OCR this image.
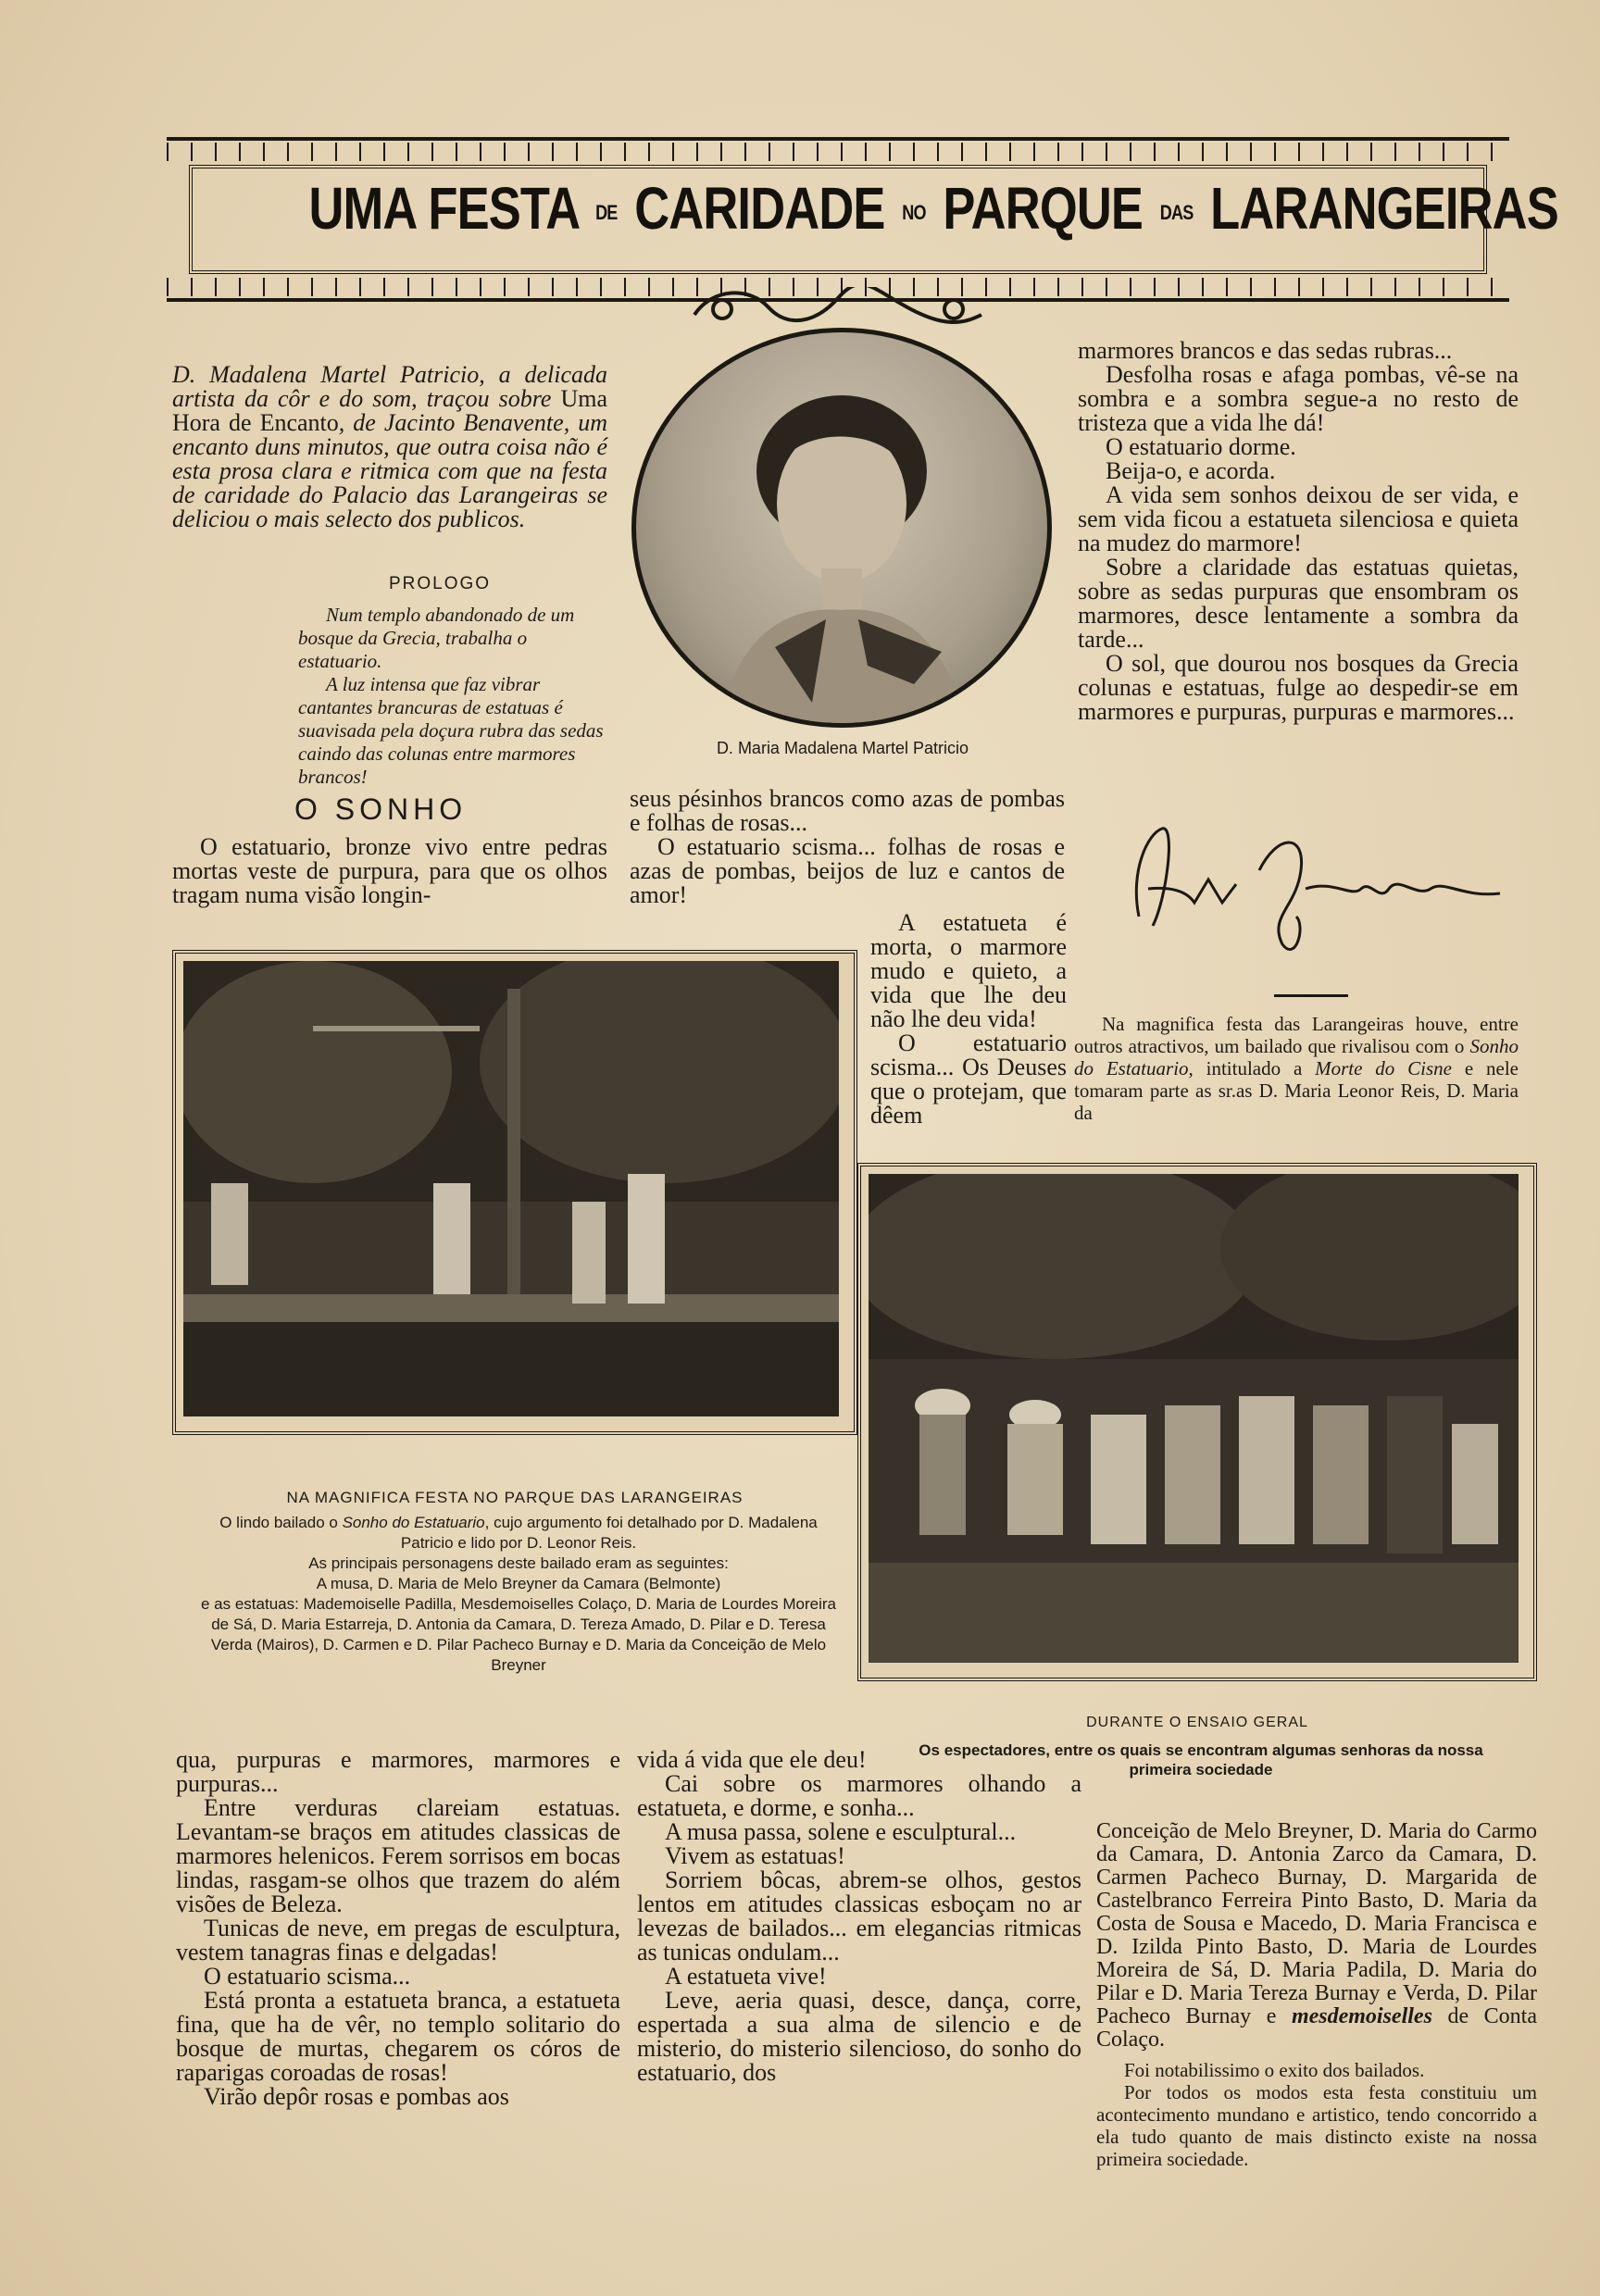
UMA FESTA DE CARIDADE NO PARQUE DAS LARANGEIRAS

D. Madalena Martel Patricio, a delicada artista da côr e do som, traçou sobre Uma Hora de Encanto, de Jacinto Benavente, um encanto duns minutos, que outra coisa não é esta prosa clara e ritmica com que na festa de caridade do Palacio das Larangeiras se deliciou o mais selecto dos publicos.

PROLOGO

Num templo abandonado de um bosque da Grecia, trabalha o estatuario.

A luz intensa que faz vibrar cantantes brancuras de estatuas é suavisada pela doçura rubra das sedas caindo das colunas entre marmores brancos!

O SONHO

O estatuario, bronze vivo entre pedras mortas veste de purpura, para que os olhos tragam numa visão longin-

D. Maria Madalena Martel Patricio

seus pésinhos brancos como azas de pombas e folhas de rosas...

O estatuario scisma... folhas de rosas e azas de pombas, beijos de luz e cantos de amor!

A estatueta é morta, o marmore mudo e quieto, a vida que lhe deu não lhe deu vida!

O estatuario scisma... Os Deuses que o protejam, que dêem

marmores brancos e das sedas rubras...

Desfolha rosas e afaga pombas, vê-se na sombra e a sombra segue-a no resto de tristeza que a vida lhe dá!

O estatuario dorme.

Beija-o, e acorda.

A vida sem sonhos deixou de ser vida, e sem vida ficou a estatueta silenciosa e quieta na mudez do marmore!

Sobre a claridade das estatuas quietas, sobre as sedas purpuras que ensombram os marmores, desce lentamente a sombra da tarde...

O sol, que dourou nos bosques da Grecia colunas e estatuas, fulge ao despedir-se em marmores e purpuras, purpuras e marmores...

Na magnifica festa das Larangeiras houve, entre outros atractivos, um bailado que rivalisou com o Sonho do Estatuario, intitulado a Morte do Cisne e nele tomaram parte as sr.as D. Maria Leonor Reis, D. Maria da

NA MAGNIFICA FESTA NO PARQUE DAS LARANGEIRAS

O lindo bailado o Sonho do Estatuario, cujo argumento foi detalhado por D. Madalena Patricio e lido por D. Leonor Reis.

As principais personagens deste bailado eram as seguintes:

A musa, D. Maria de Melo Breyner da Camara (Belmonte)

e as estatuas: Mademoiselle Padilla, Mesdemoiselles Colaço, D. Maria de Lourdes Moreira de Sá, D. Maria Estarreja, D. Antonia da Camara, D. Tereza Amado, D. Pilar e D. Teresa Verda (Mairos), D. Carmen e D. Pilar Pacheco Burnay e D. Maria da Conceição de Melo Breyner

DURANTE O ENSAIO GERAL
Os espectadores, entre os quais se encontram algumas senhoras da nossa primeira sociedade

qua, purpuras e marmores, marmores e purpuras...

Entre verduras clareiam estatuas. Levantam-se braços em atitudes classicas de marmores helenicos. Ferem sorrisos em bocas lindas, rasgam-se olhos que trazem do além visões de Beleza.

Tunicas de neve, em pregas de esculptura, vestem tanagras finas e delgadas!

O estatuario scisma...

Está pronta a estatueta branca, a estatueta fina, que ha de vêr, no templo solitario do bosque de murtas, chegarem os córos de raparigas coroadas de rosas!

Virão depôr rosas e pombas aos

vida á vida que ele deu!

Cai sobre os marmores olhando a estatueta, e dorme, e sonha...

A musa passa, solene e esculptural...

Vivem as estatuas!

Sorriem bôcas, abrem-se olhos, gestos lentos em atitudes classicas esboçam no ar levezas de bailados... em elegancias ritmicas as tunicas ondulam...

A estatueta vive!

Leve, aeria quasi, desce, dança, corre, espertada a sua alma de silencio e de misterio, do misterio silencioso, do sonho do estatuario, dos

Conceição de Melo Breyner, D. Maria do Carmo da Camara, D. Antonia Zarco da Camara, D. Carmen Pacheco Burnay, D. Margarida de Castelbranco Ferreira Pinto Basto, D. Maria da Costa de Sousa e Macedo, D. Maria Francisca e D. Izilda Pinto Basto, D. Maria de Lourdes Moreira de Sá, D. Maria Padila, D. Maria do Pilar e D. Maria Tereza Burnay e Verda, D. Pilar Pacheco Burnay e mesdemoiselles de Conta Colaço.

Foi notabilissimo o exito dos bailados.

Por todos os modos esta festa constituiu um acontecimento mundano e artistico, tendo concorrido a ela tudo quanto de mais distincto existe na nossa primeira sociedade.
